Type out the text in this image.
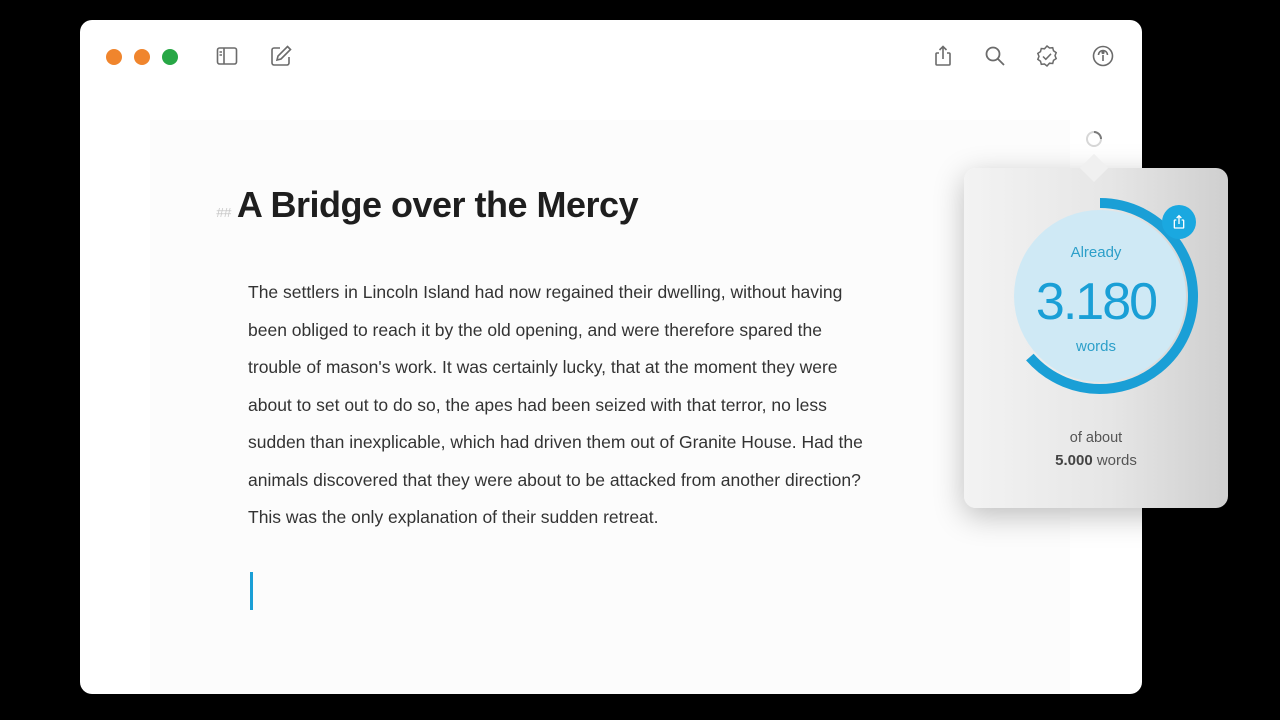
## A Bridge over the Mercy
The settlers in Lincoln Island had now regained their dwelling, without having
been obliged to reach it by the old opening, and were therefore spared the
trouble of mason's work. It was certainly lucky, that at the moment they were
about to set out to do so, the apes had been seized with that terror, no less
sudden than inexplicable, which had driven them out of Granite House. Had the
animals discovered that they were about to be attacked from another direction?
This was the only explanation of their sudden retreat.
Already
3.180
words
of about
5.000 words
